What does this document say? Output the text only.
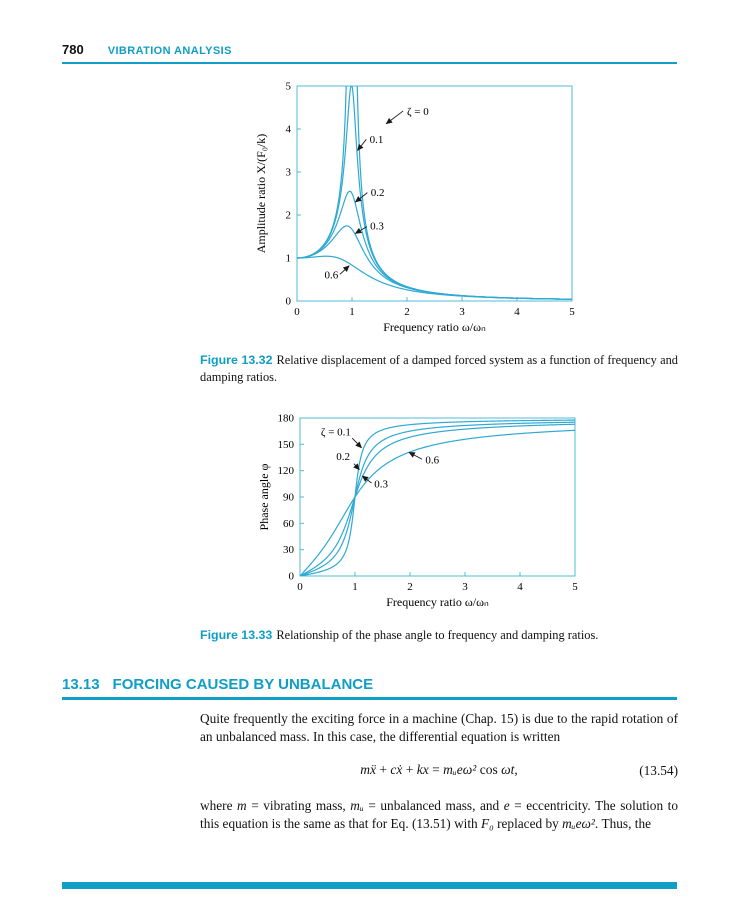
780 VIBRATION ANALYSIS
0	1	2	3	4	5
0
1
2
3
4
5
Frequency ratio ω/ωₙ
Amplitude ratio X/(F₀/k)
ζ = 0
0.1
0.2
0.3
0.6

Figure 13.32 Relative displacement of a damped forced system as a function of frequency and damping ratios.

0	1	2	3	4	5
0
30
60
90
120
150
180
Frequency ratio ω/ωₙ
Phase angle φ
ζ = 0.1
0.2
0.3
0.6

Figure 13.33 Relationship of the phase angle to frequency and damping ratios.

13.13 FORCING CAUSED BY UNBALANCE

Quite frequently the exciting force in a machine (Chap. 15) is due to the rapid rotation of an unbalanced mass. In this case, the differential equation is written

mẍ + cẋ + kx = mᵤeω² cos ωt,	(13.54)

where m = vibrating mass, mᵤ = unbalanced mass, and e = eccentricity. The solution to this equation is the same as that for Eq. (13.51) with F₀ replaced by mᵤeω². Thus, the
